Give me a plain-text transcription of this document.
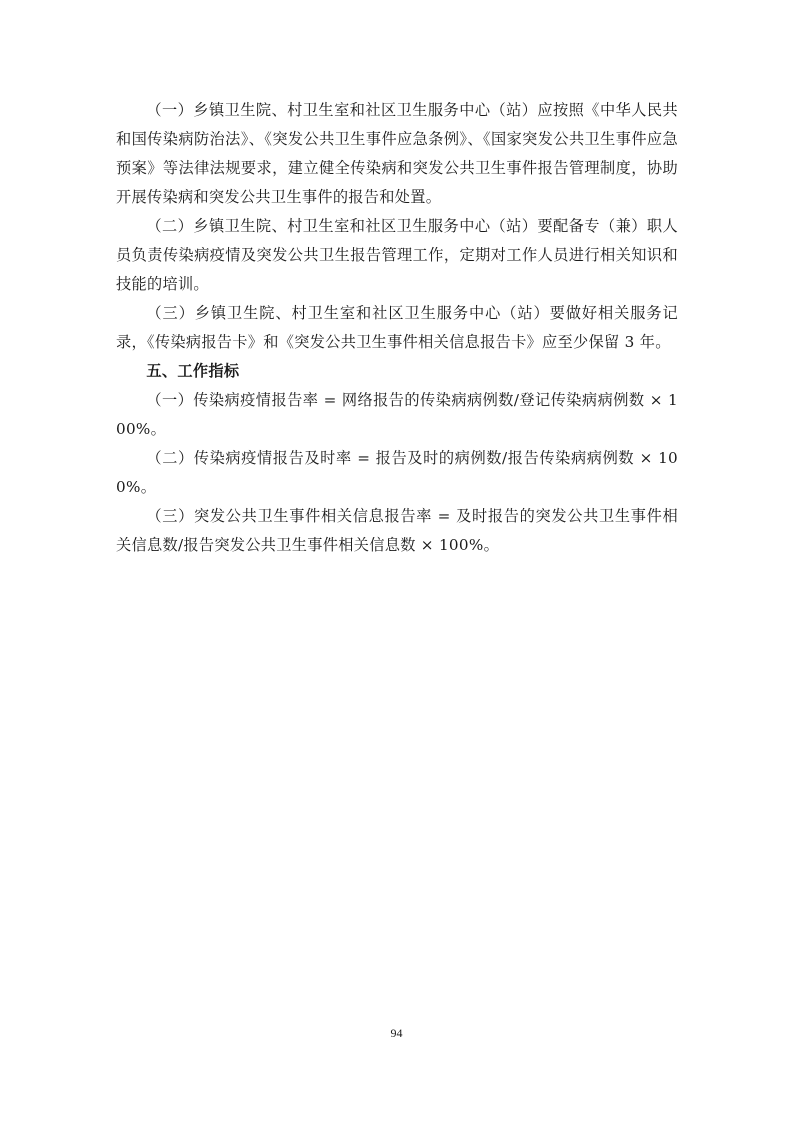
（一）乡镇卫生院、村卫生室和社区卫生服务中心（站）应按照《中华人民共和国传染病防治法》、《突发公共卫生事件应急条例》、《国家突发公共卫生事件应急预案》等法律法规要求，建立健全传染病和突发公共卫生事件报告管理制度，协助开展传染病和突发公共卫生事件的报告和处置。

（二）乡镇卫生院、村卫生室和社区卫生服务中心（站）要配备专（兼）职人员负责传染病疫情及突发公共卫生报告管理工作，定期对工作人员进行相关知识和技能的培训。

（三）乡镇卫生院、村卫生室和社区卫生服务中心（站）要做好相关服务记录，《传染病报告卡》和《突发公共卫生事件相关信息报告卡》应至少保留 3 年。

五、工作指标

（一）传染病疫情报告率 = 网络报告的传染病病例数/登记传染病病例数 × 100%。

（二）传染病疫情报告及时率 = 报告及时的病例数/报告传染病病例数 × 100%。

（三）突发公共卫生事件相关信息报告率 = 及时报告的突发公共卫生事件相关信息数/报告突发公共卫生事件相关信息数 × 100%。

94
